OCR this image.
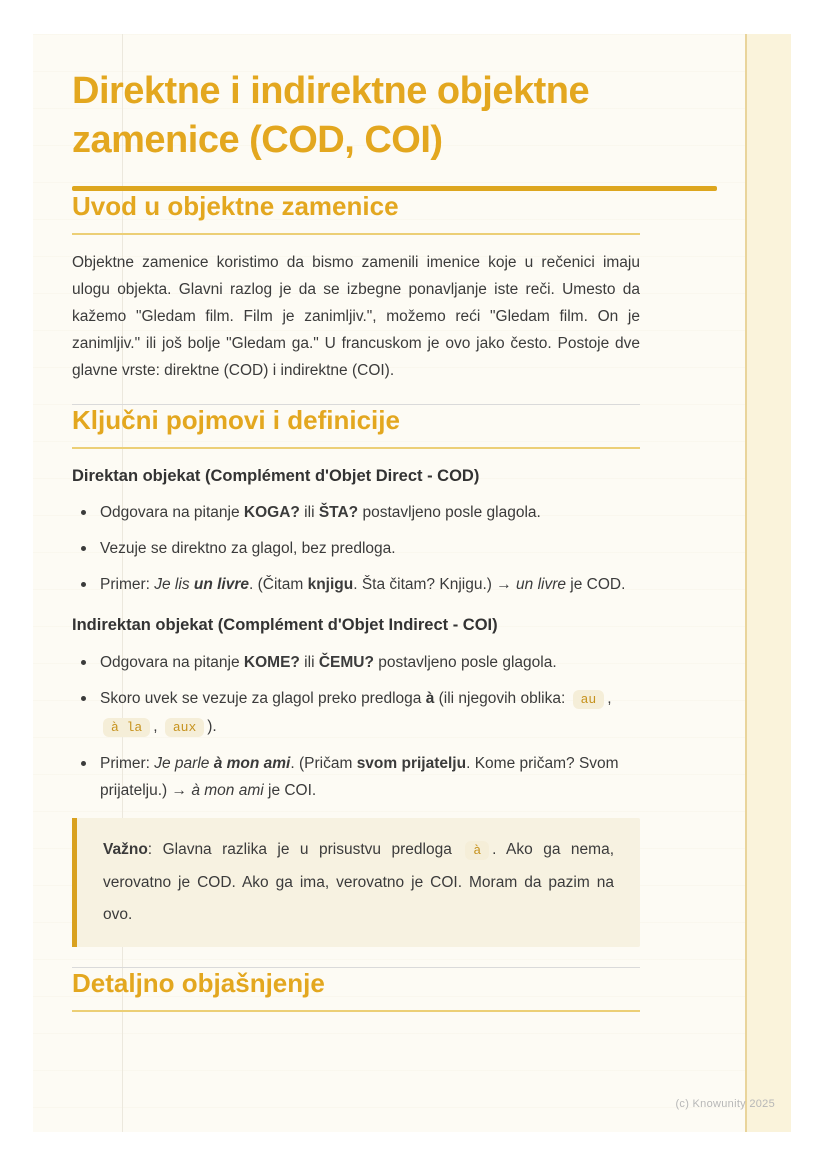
Direktne i indirektne objektne zamenice (COD, COI)
Uvod u objektne zamenice

Objektne zamenice koristimo da bismo zamenili imenice koje u rečenici imaju ulogu objekta. Glavni razlog je da se izbegne ponavljanje iste reči. Umesto da kažemo "Gledam film. Film je zanimljiv.", možemo reći "Gledam film. On je zanimljiv." ili još bolje "Gledam ga." U francuskom je ovo jako često. Postoje dve glavne vrste: direktne (COD) i indirektne (COI).

Ključni pojmovi i definicije
Direktan objekat (Complément d'Objet Direct - COD)
Odgovara na pitanje KOGA? ili ŠTA? postavljeno posle glagola.
Vezuje se direktno za glagol, bez predloga.
Primer: Je lis un livre. (Čitam knjigu. Šta čitam? Knjigu.) → un livre je COD.
Indirektan objekat (Complément d'Objet Indirect - COI)
Odgovara na pitanje KOME? ili ČEMU? postavljeno posle glagola.
Skoro uvek se vezuje za glagol preko predloga à (ili njegovih oblika: au , à la , aux ).
Primer: Je parle à mon ami. (Pričam svom prijatelju. Kome pričam? Svom prijatelju.) → à mon ami je COI.

Važno: Glavna razlika je u prisustvu predloga à . Ako ga nema, verovatno je COD. Ako ga ima, verovatno je COI. Moram da pazim na ovo.

Detaljno objašnjenje
(c) Knowunity 2025
